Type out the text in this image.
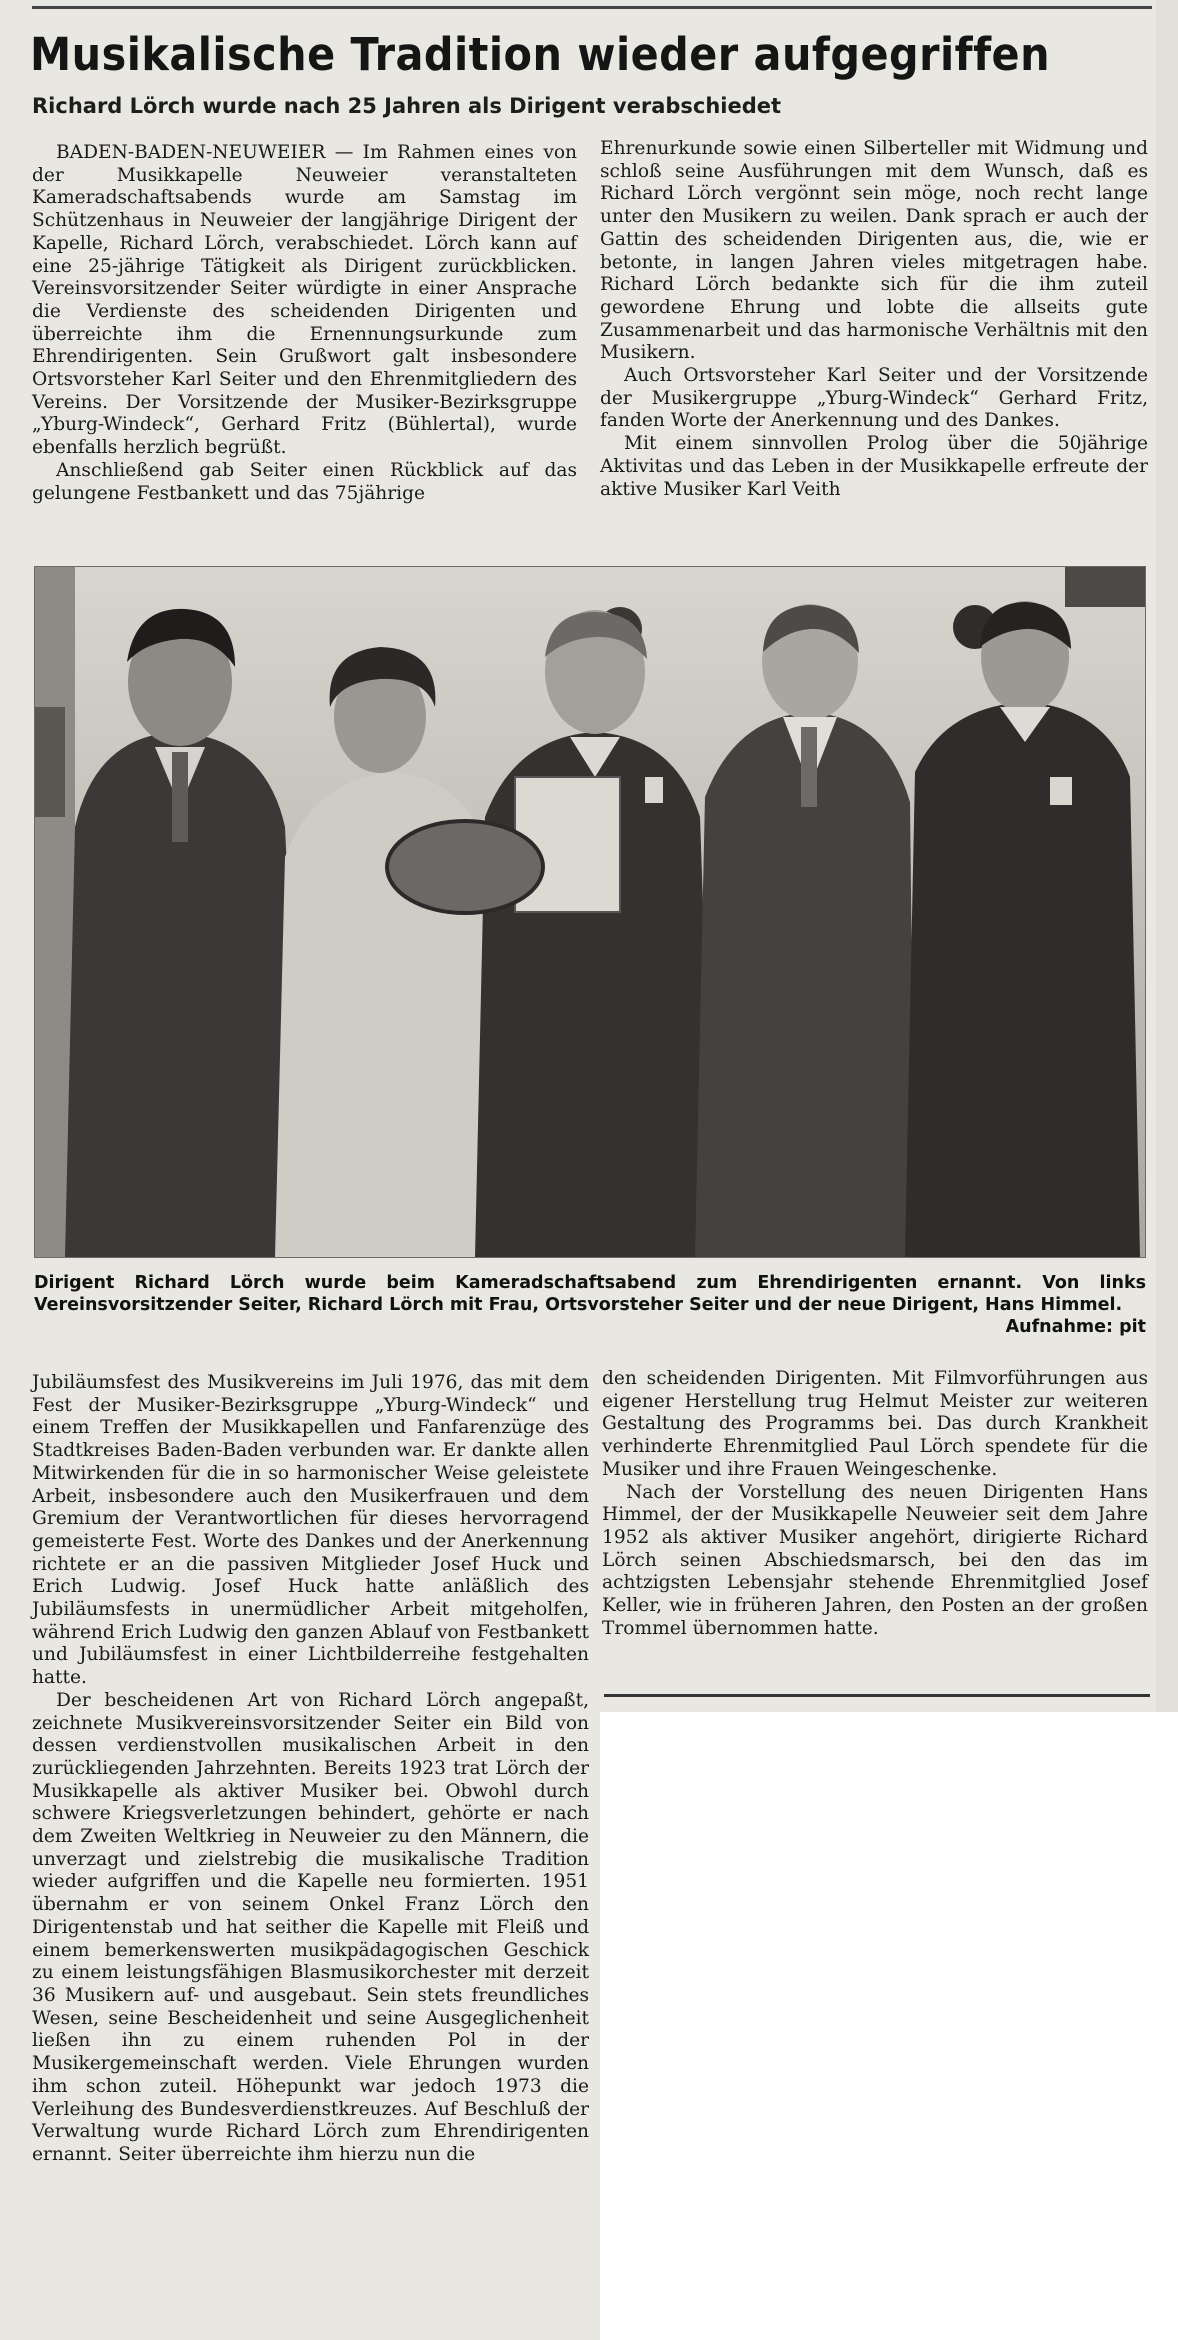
Musikalische Tradition wieder aufgegriffen
Richard Lörch wurde nach 25 Jahren als Dirigent verabschiedet

BADEN-BADEN-NEUWEIER — Im Rahmen eines von der Musikkapelle Neuweier veranstalteten Kameradschaftsabends wurde am Samstag im Schützenhaus in Neuweier der langjährige Dirigent der Kapelle, Richard Lörch, verabschiedet. Lörch kann auf eine 25-jährige Tätigkeit als Dirigent zurückblicken. Vereinsvorsitzender Seiter würdigte in einer Ansprache die Verdienste des scheidenden Dirigenten und überreichte ihm die Ernennungsurkunde zum Ehrendirigenten. Sein Grußwort galt insbesondere Ortsvorsteher Karl Seiter und den Ehrenmitgliedern des Vereins. Der Vorsitzende der Musiker-Bezirksgruppe „Yburg-Windeck“, Gerhard Fritz (Bühlertal), wurde ebenfalls herzlich begrüßt.

Anschließend gab Seiter einen Rückblick auf das gelungene Festbankett und das 75jährige

Ehrenurkunde sowie einen Silberteller mit Widmung und schloß seine Ausführungen mit dem Wunsch, daß es Richard Lörch vergönnt sein möge, noch recht lange unter den Musikern zu weilen. Dank sprach er auch der Gattin des scheidenden Dirigenten aus, die, wie er betonte, in langen Jahren vieles mitgetragen habe. Richard Lörch bedankte sich für die ihm zuteil gewordene Ehrung und lobte die allseits gute Zusammenarbeit und das harmonische Verhältnis mit den Musikern.

Auch Ortsvorsteher Karl Seiter und der Vorsitzende der Musikergruppe „Yburg-Windeck“ Gerhard Fritz, fanden Worte der Anerkennung und des Dankes.

Mit einem sinnvollen Prolog über die 50jährige Aktivitas und das Leben in der Musikkapelle erfreute der aktive Musiker Karl Veith

Dirigent Richard Lörch wurde beim Kameradschaftsabend zum Ehrendirigenten ernannt. Von links Vereinsvorsitzender Seiter, Richard Lörch mit Frau, Ortsvorsteher Seiter und der neue Dirigent, Hans Himmel.
Aufnahme: pit

Jubiläumsfest des Musikvereins im Juli 1976, das mit dem Fest der Musiker-Bezirksgruppe „Yburg-Windeck“ und einem Treffen der Musikkapellen und Fanfarenzüge des Stadtkreises Baden-Baden verbunden war. Er dankte allen Mitwirkenden für die in so harmonischer Weise geleistete Arbeit, insbesondere auch den Musikerfrauen und dem Gremium der Verantwortlichen für dieses hervorragend gemeisterte Fest. Worte des Dankes und der Anerkennung richtete er an die passiven Mitglieder Josef Huck und Erich Ludwig. Josef Huck hatte anläßlich des Jubiläumsfests in unermüdlicher Arbeit mitgeholfen, während Erich Ludwig den ganzen Ablauf von Festbankett und Jubiläumsfest in einer Lichtbilderreihe festgehalten hatte.

Der bescheidenen Art von Richard Lörch angepaßt, zeichnete Musikvereinsvorsitzender Seiter ein Bild von dessen verdienstvollen musikalischen Arbeit in den zurückliegenden Jahrzehnten. Bereits 1923 trat Lörch der Musikkapelle als aktiver Musiker bei. Obwohl durch schwere Kriegsverletzungen behindert, gehörte er nach dem Zweiten Weltkrieg in Neuweier zu den Männern, die unverzagt und zielstrebig die musikalische Tradition wieder aufgriffen und die Kapelle neu formierten. 1951 übernahm er von seinem Onkel Franz Lörch den Dirigentenstab und hat seither die Kapelle mit Fleiß und einem bemerkenswerten musikpädagogischen Geschick zu einem leistungsfähigen Blasmusikorchester mit derzeit 36 Musikern auf- und ausgebaut. Sein stets freundliches Wesen, seine Bescheidenheit und seine Ausgeglichenheit ließen ihn zu einem ruhenden Pol in der Musikergemeinschaft werden. Viele Ehrungen wurden ihm schon zuteil. Höhepunkt war jedoch 1973 die Verleihung des Bundesverdienstkreuzes. Auf Beschluß der Verwaltung wurde Richard Lörch zum Ehrendirigenten ernannt. Seiter überreichte ihm hierzu nun die

den scheidenden Dirigenten. Mit Filmvorführungen aus eigener Herstellung trug Helmut Meister zur weiteren Gestaltung des Programms bei. Das durch Krankheit verhinderte Ehrenmitglied Paul Lörch spendete für die Musiker und ihre Frauen Weingeschenke.

Nach der Vorstellung des neuen Dirigenten Hans Himmel, der der Musikkapelle Neuweier seit dem Jahre 1952 als aktiver Musiker angehört, dirigierte Richard Lörch seinen Abschiedsmarsch, bei den das im achtzigsten Lebensjahr stehende Ehrenmitglied Josef Keller, wie in früheren Jahren, den Posten an der großen Trommel übernommen hatte.
